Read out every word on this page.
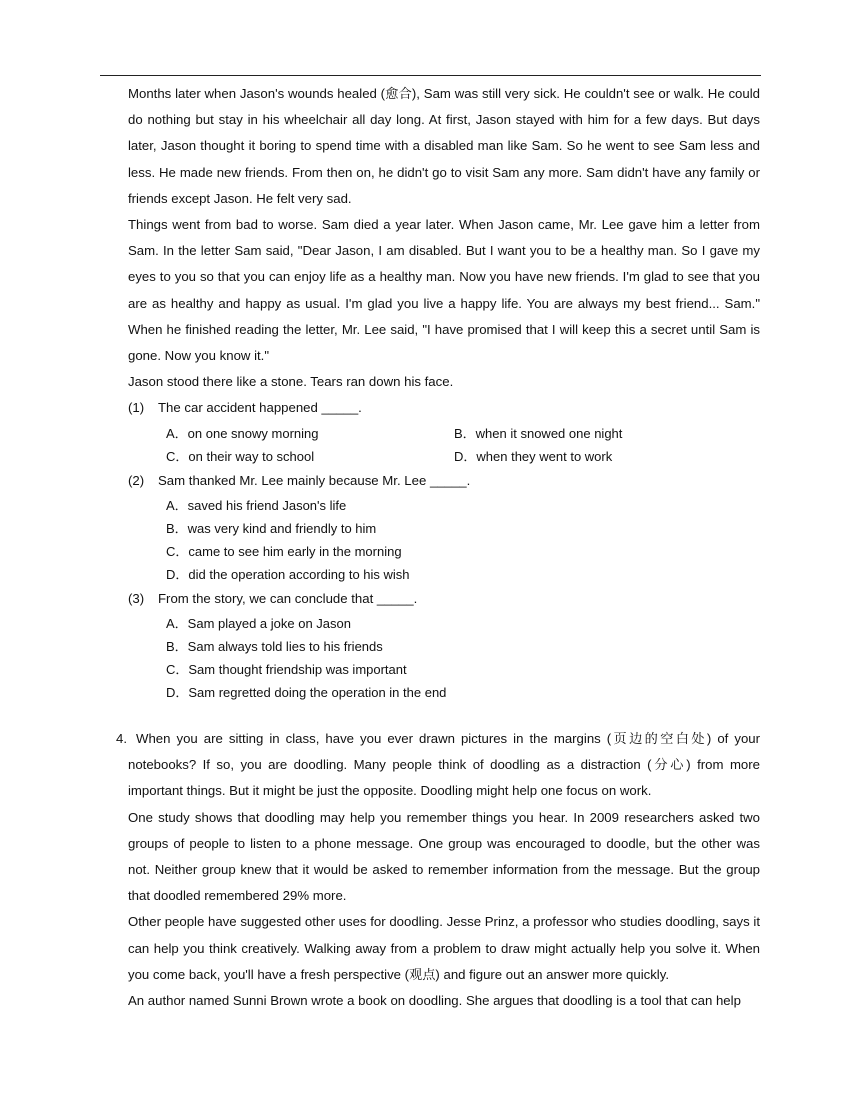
Months later when Jason's wounds healed (愈合), Sam was still very sick. He couldn't see or walk. He could do nothing but stay in his wheelchair all day long. At first, Jason stayed with him for a few days. But days later, Jason thought it boring to spend time with a disabled man like Sam. So he went to see Sam less and less. He made new friends. From then on, he didn't go to visit Sam any more. Sam didn't have any family or friends except Jason. He felt very sad.

Things went from bad to worse. Sam died a year later. When Jason came, Mr. Lee gave him a letter from Sam. In the letter Sam said, "Dear Jason, I am disabled. But I want you to be a healthy man. So I gave my eyes to you so that you can enjoy life as a healthy man. Now you have new friends. I'm glad to see that you are as healthy and happy as usual. I'm glad you live a happy life. You are always my best friend... Sam." When he finished reading the letter, Mr. Lee said, "I have promised that I will keep this a secret until Sam is gone. Now you know it."

Jason stood there like a stone. Tears ran down his face.

(1)	The car accident happened _____.
A．on one snowy morning	B．when it snowed one night
C．on their way to school	D．when they went to work
(2)	Sam thanked Mr. Lee mainly because Mr. Lee _____.
A．saved his friend Jason's life
B．was very kind and friendly to him
C．came to see him early in the morning
D．did the operation according to his wish
(3)	From the story, we can conclude that _____.
A．Sam played a joke on Jason
B．Sam always told lies to his friends
C．Sam thought friendship was important
D．Sam regretted doing the operation in the end
4. When you are sitting in class, have you ever drawn pictures in the margins (页边的空白处) of your notebooks? If so, you are doodling. Many people think of doodling as a distraction (分心) from more important things. But it might be just the opposite. Doodling might help one focus on work.

One study shows that doodling may help you remember things you hear. In 2009 researchers asked two groups of people to listen to a phone message. One group was encouraged to doodle, but the other was not. Neither group knew that it would be asked to remember information from the message. But the group that doodled remembered 29% more.

Other people have suggested other uses for doodling. Jesse Prinz, a professor who studies doodling, says it can help you think creatively. Walking away from a problem to draw might actually help you solve it. When you come back, you'll have a fresh perspective (观点) and figure out an answer more quickly.

An author named Sunni Brown wrote a book on doodling. She argues that doodling is a tool that can help
